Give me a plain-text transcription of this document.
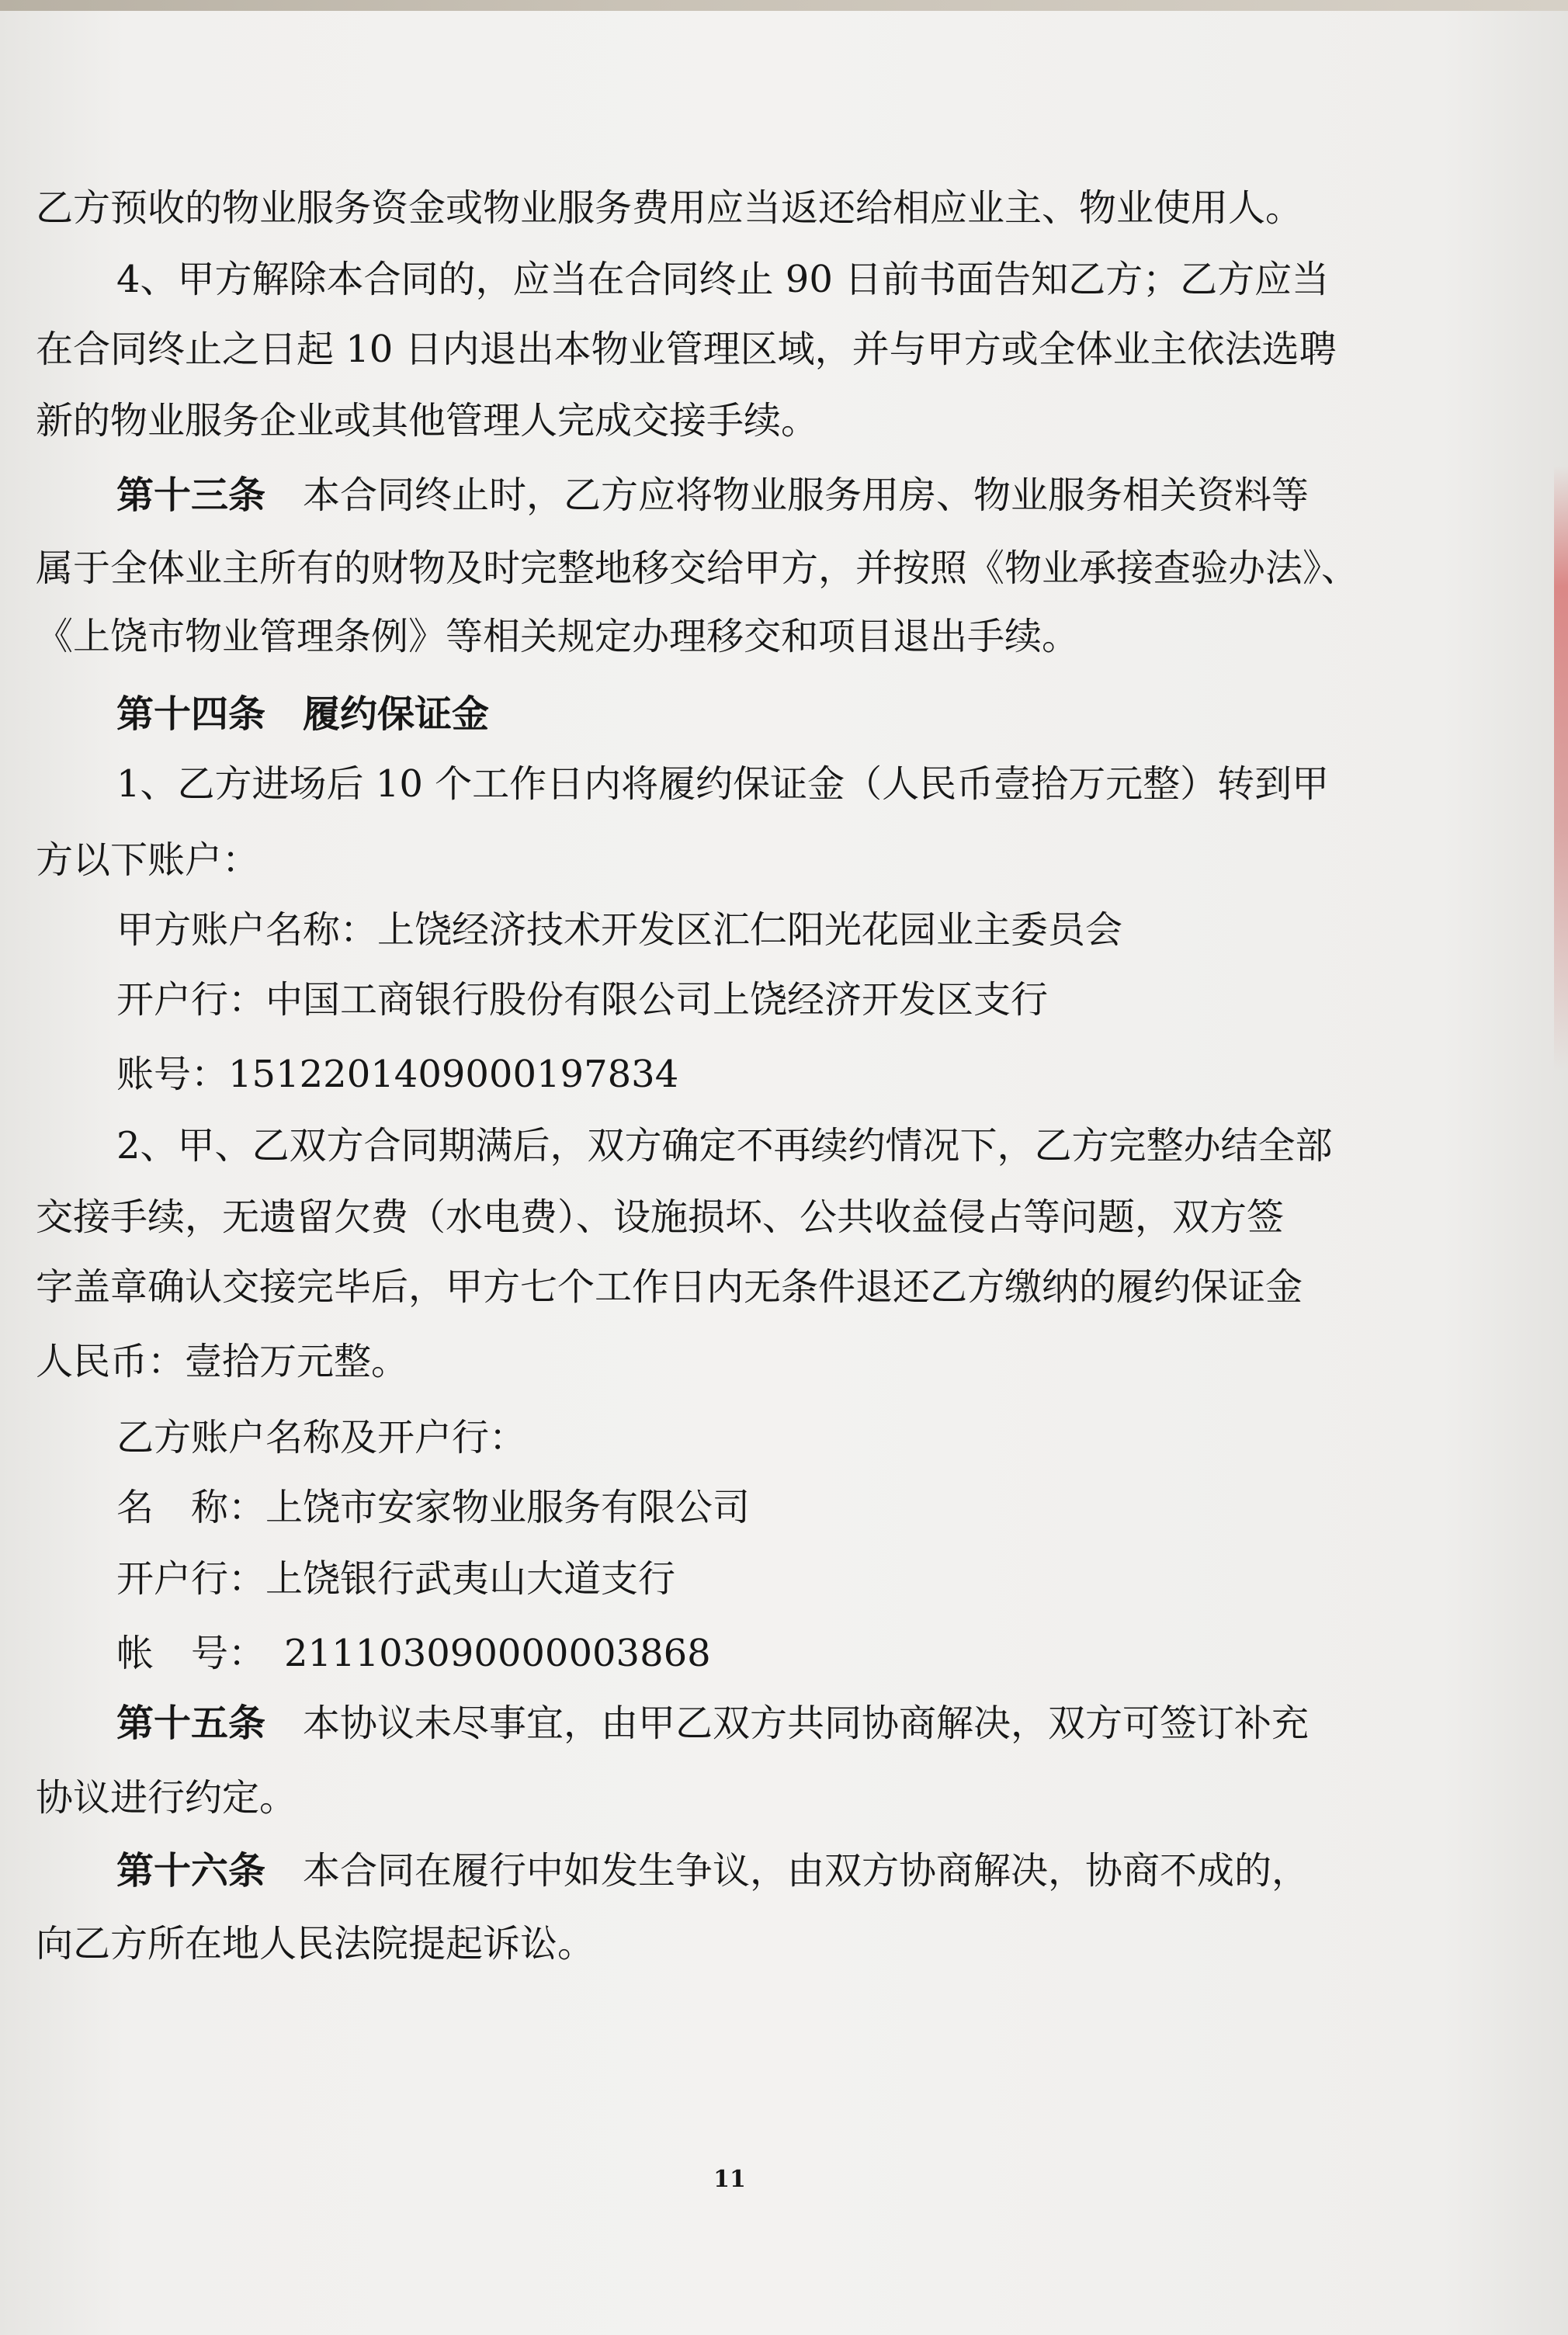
乙方预收的物业服务资金或物业服务费用应当返还给相应业主、物业使用人。
4、甲方解除本合同的，应当在合同终止 90 日前书面告知乙方；乙方应当
在合同终止之日起 10 日内退出本物业管理区域，并与甲方或全体业主依法选聘
新的物业服务企业或其他管理人完成交接手续。
第十三条 本合同终止时，乙方应将物业服务用房、物业服务相关资料等
属于全体业主所有的财物及时完整地移交给甲方，并按照《物业承接查验办法》、
《上饶市物业管理条例》等相关规定办理移交和项目退出手续。
第十四条 履约保证金
1、乙方进场后 10 个工作日内将履约保证金（人民币壹拾万元整）转到甲
方以下账户：
甲方账户名称：上饶经济技术开发区汇仁阳光花园业主委员会
开户行：中国工商银行股份有限公司上饶经济开发区支行
账号：1512201409000197834
2、甲、乙双方合同期满后，双方确定不再续约情况下，乙方完整办结全部
交接手续，无遗留欠费（水电费）、设施损坏、公共收益侵占等问题，双方签
字盖章确认交接完毕后，甲方七个工作日内无条件退还乙方缴纳的履约保证金
人民币：壹拾万元整。
乙方账户名称及开户行：
名　称：上饶市安家物业服务有限公司
开户行：上饶银行武夷山大道支行
帐　号：　211103090000003868
第十五条 本协议未尽事宜，由甲乙双方共同协商解决，双方可签订补充
协议进行约定。
第十六条 本合同在履行中如发生争议，由双方协商解决，协商不成的，
向乙方所在地人民法院提起诉讼。
11
